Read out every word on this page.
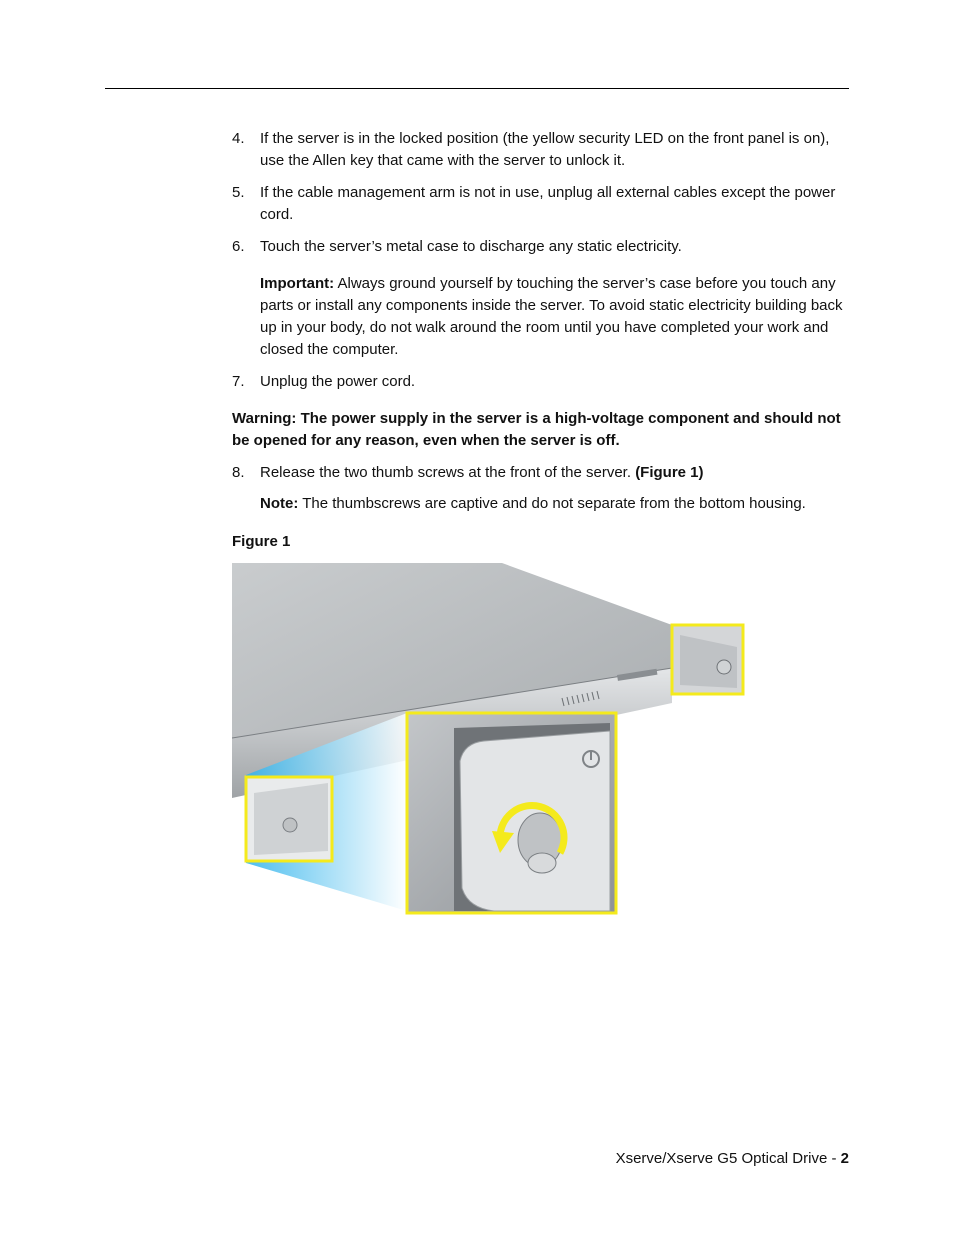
4. If the server is in the locked position (the yellow security LED on the front panel is on), use the Allen key that came with the server to unlock it.
5. If the cable management arm is not in use, unplug all external cables except the power cord.
6. Touch the server’s metal case to discharge any static electricity.
Important: Always ground yourself by touching the server’s case before you touch any parts or install any components inside the server. To avoid static electricity building back up in your body, do not walk around the room until you have completed your work and closed the computer.
7. Unplug the power cord.
Warning: The power supply in the server is a high-voltage component and should not be opened for any reason, even when the server is off.
8. Release the two thumb screws at the front of the server. (Figure 1)
Note: The thumbscrews are captive and do not separate from the bottom housing.
Figure 1
Xserve/Xserve G5 Optical Drive - 2
